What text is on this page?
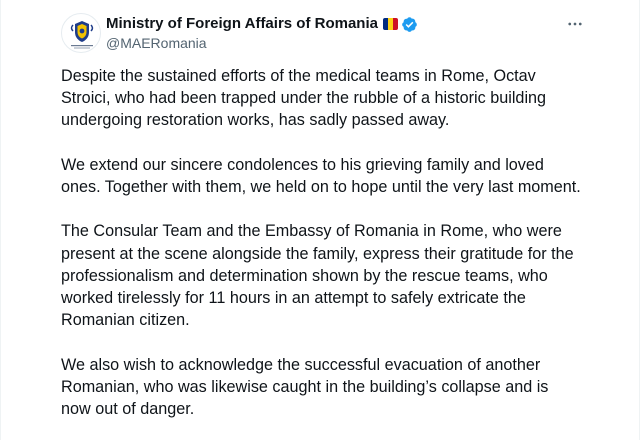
Ministry of Foreign Affairs of Romania
@MAERomania

Despite the sustained efforts of the medical teams in Rome, Octav Stroici, who had been trapped under the rubble of a historic building undergoing restoration works, has sadly passed away.

We extend our sincere condolences to his grieving family and loved ones. Together with them, we held on to hope until the very last moment.

The Consular Team and the Embassy of Romania in Rome, who were present at the scene alongside the family, express their gratitude for the professionalism and determination shown by the rescue teams, who worked tirelessly for 11 hours in an attempt to safely extricate the Romanian citizen.

We also wish to acknowledge the successful evacuation of another Romanian, who was likewise caught in the building’s collapse and is now out of danger.
